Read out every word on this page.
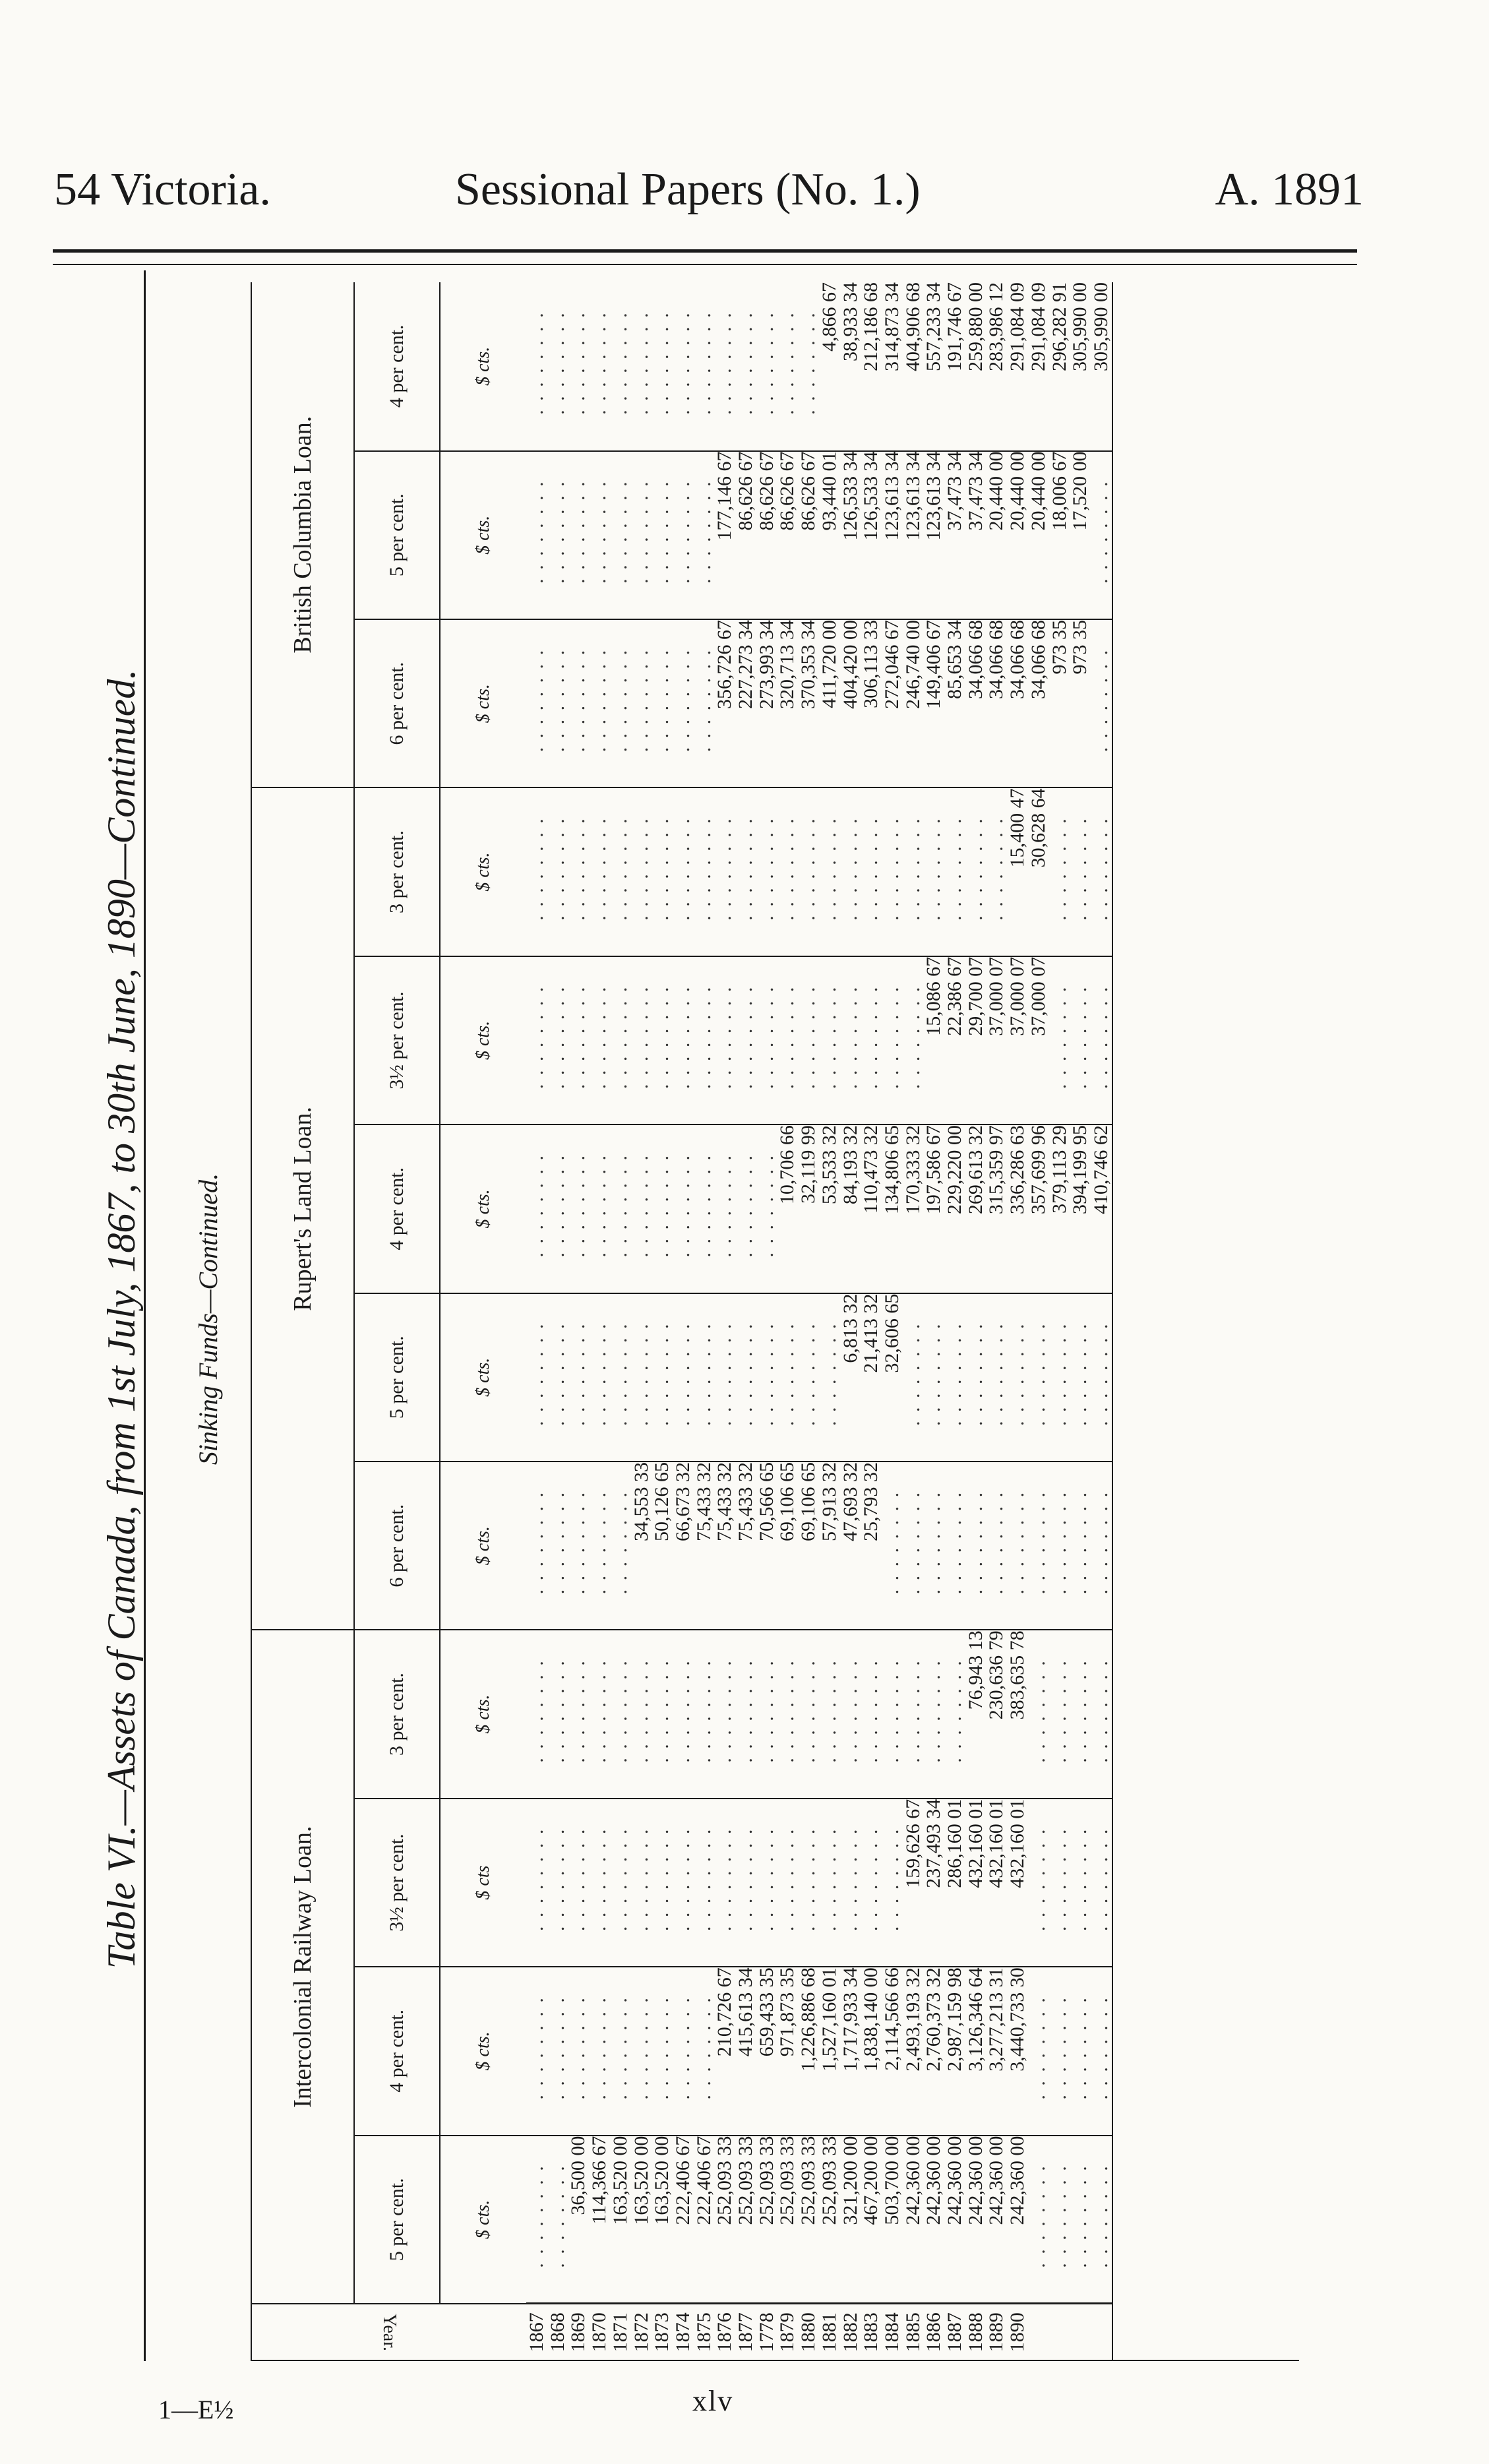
54 Victoria.	Sessional Papers (No. 1.)	A. 1891
Table VI.—Assets of Canada, from 1st July, 1867, to 30th June, 1890—Continued. Sinking Funds—Continued.
Year.	Intercolonial Railway Loan.				Rupert's Land Loan.					British Columbia Loan.		
	5 per cent.	4 per cent.	3½ per cent.	3 per cent.	6 per cent.	5 per cent.	4 per cent.	3½ per cent.	3 per cent.	6 per cent.	5 per cent.	4 per cent.
	$ cts.	$ cts.	$ cts	$ cts.	$ cts.	$ cts.	$ cts.	$ cts.	$ cts.	$ cts.	$ cts.	$ cts.
1867	. . . . . . . .	. . . . . . . .	. . . . . . . .	. . . . . . . .	. . . . . . . .	. . . . . . . .	. . . . . . . .	. . . . . . . .	. . . . . . . .	. . . . . . . .	. . . . . . . .	. . . . . . . .
1868	. . . . . . . .	. . . . . . . .	. . . . . . . .	. . . . . . . .	. . . . . . . .	. . . . . . . .	. . . . . . . .	. . . . . . . .	. . . . . . . .	. . . . . . . .	. . . . . . . .	. . . . . . . .
1869	36,500 00	. . . . . . . .	. . . . . . . .	. . . . . . . .	. . . . . . . .	. . . . . . . .	. . . . . . . .	. . . . . . . .	. . . . . . . .	. . . . . . . .	. . . . . . . .	. . . . . . . .
1870	114,366 67	. . . . . . . .	. . . . . . . .	. . . . . . . .	. . . . . . . .	. . . . . . . .	. . . . . . . .	. . . . . . . .	. . . . . . . .	. . . . . . . .	. . . . . . . .	. . . . . . . .
1871	163,520 00	. . . . . . . .	. . . . . . . .	. . . . . . . .	. . . . . . . .	. . . . . . . .	. . . . . . . .	. . . . . . . .	. . . . . . . .	. . . . . . . .	. . . . . . . .	. . . . . . . .
1872	163,520 00	. . . . . . . .	. . . . . . . .	. . . . . . . .	34,553 33	. . . . . . . .	. . . . . . . .	. . . . . . . .	. . . . . . . .	. . . . . . . .	. . . . . . . .	. . . . . . . .
1873	163,520 00	. . . . . . . .	. . . . . . . .	. . . . . . . .	50,126 65	. . . . . . . .	. . . . . . . .	. . . . . . . .	. . . . . . . .	. . . . . . . .	. . . . . . . .	. . . . . . . .
1874	222,406 67	. . . . . . . .	. . . . . . . .	. . . . . . . .	66,673 32	. . . . . . . .	. . . . . . . .	. . . . . . . .	. . . . . . . .	. . . . . . . .	. . . . . . . .	. . . . . . . .
1875	222,406 67	. . . . . . . .	. . . . . . . .	. . . . . . . .	75,433 32	. . . . . . . .	. . . . . . . .	. . . . . . . .	. . . . . . . .	. . . . . . . .	. . . . . . . .	. . . . . . . .
1876	252,093 33	210,726 67	. . . . . . . .	. . . . . . . .	75,433 32	. . . . . . . .	. . . . . . . .	. . . . . . . .	. . . . . . . .	356,726 67	177,146 67	. . . . . . . .
1877	252,093 33	415,613 34	. . . . . . . .	. . . . . . . .	75,433 32	. . . . . . . .	. . . . . . . .	. . . . . . . .	. . . . . . . .	227,273 34	86,626 67	. . . . . . . .
1778	252,093 33	659,433 35	. . . . . . . .	. . . . . . . .	70,566 65	. . . . . . . .	. . . . . . . .	. . . . . . . .	. . . . . . . .	273,993 34	86,626 67	. . . . . . . .
1879	252,093 33	971,873 35	. . . . . . . .	. . . . . . . .	69,106 65	. . . . . . . .	10,706 66	. . . . . . . .	. . . . . . . .	320,713 34	86,626 67	. . . . . . . .
1880	252,093 33	1,226,886 68	. . . . . . . .	. . . . . . . .	69,106 65	. . . . . . . .	32,119 99	. . . . . . . .	. . . . . . . .	370,353 34	86,626 67	. . . . . . . .
1881	252,093 33	1,527,160 01	. . . . . . . .	. . . . . . . .	57,913 32	. . . . . . . .	53,533 32	. . . . . . . .	. . . . . . . .	411,720 00	93,440 01	4,866 67
1882	321,200 00	1,717,933 34	. . . . . . . .	. . . . . . . .	47,693 32	6,813 32	84,193 32	. . . . . . . .	. . . . . . . .	404,420 00	126,533 34	38,933 34
1883	467,200 00	1,838,140 00	. . . . . . . .	. . . . . . . .	25,793 32	21,413 32	110,473 32	. . . . . . . .	. . . . . . . .	306,113 33	126,533 34	212,186 68
1884	503,700 00	2,114,566 66	. . . . . . . .	. . . . . . . .	. . . . . . . .	32,606 65	134,806 65	. . . . . . . .	. . . . . . . .	272,046 67	123,613 34	314,873 34
1885	242,360 00	2,493,193 32	159,626 67	. . . . . . . .	. . . . . . . .	. . . . . . . .	170,333 32	. . . . . . . .	. . . . . . . .	246,740 00	123,613 34	404,906 68
1886	242,360 00	2,760,373 32	237,493 34	. . . . . . . .	. . . . . . . .	. . . . . . . .	197,586 67	15,086 67	. . . . . . . .	149,406 67	123,613 34	557,233 34
1887	242,360 00	2,987,159 98	286,160 01	. . . . . . . .	. . . . . . . .	. . . . . . . .	229,220 00	22,386 67	. . . . . . . .	85,653 34	37,473 34	191,746 67
1888	242,360 00	3,126,346 64	432,160 01	76,943 13	. . . . . . . .	. . . . . . . .	269,613 32	29,700 07	. . . . . . . .	34,066 68	37,473 34	259,880 00
1889	242,360 00	3,277,213 31	432,160 01	230,636 79	. . . . . . . .	. . . . . . . .	315,359 97	37,000 07	. . . . . . . .	34,066 68	20,440 00	283,986 12
1890	242,360 00	3,440,733 30	432,160 01	383,635 78	. . . . . . . .	. . . . . . . .	336,286 63	37,000 07	15,400 47	34,066 68	20,440 00	291,084 09
	. . . . . . . .	. . . . . . . .	. . . . . . . .	. . . . . . . .	. . . . . . . .	. . . . . . . .	357,699 96	37,000 07	30,628 64	34,066 68	20,440 00	291,084 09
	. . . . . . . .	. . . . . . . .	. . . . . . . .	. . . . . . . .	. . . . . . . .	. . . . . . . .	379,113 29	. . . . . . . .	. . . . . . . .	973 35	18,006 67	296,282 91
	. . . . . . . .	. . . . . . . .	. . . . . . . .	. . . . . . . .	. . . . . . . .	. . . . . . . .	394,199 95	. . . . . . . .	. . . . . . . .	973 35	17,520 00	305,990 00
	. . . . . . . .	. . . . . . . .	. . . . . . . .	. . . . . . . .	. . . . . . . .	. . . . . . . .	410,746 62	. . . . . . . .	. . . . . . . .	. . . . . . . .	. . . . . . . .	305,990 00
1—E½	xlv
